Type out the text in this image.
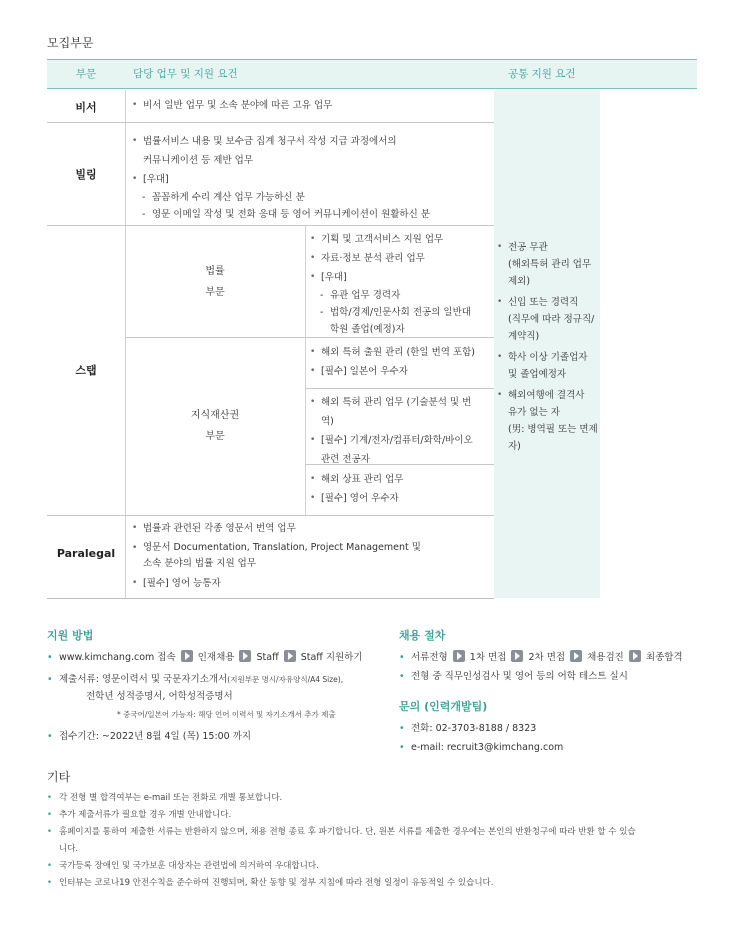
모집부문
부문	담당 업무 및 지원 요건	공통 지원 요건
비서
•	비서 일반 업무 및 소속 분야에 따른 고유 업무
빌링
• 법률서비스 내용 및 보수금 집계 청구서 작성 지급 과정에서의
커뮤니케이션 등 제반 업무
• [우대]
- 꼼꼼하게 수리 계산 업무 가능하신 분
- 영문 이메일 작성 및 전화 응대 등 영어 커뮤니케이션이 원활하신 분
스탭
법률
부문
• 기획 및 고객서비스 지원 업무
• 자료·정보 분석 관리 업무
• [우대]
- 유관 업무 경력자
- 법학/경제/인문사회 전공의 일반대
학원 졸업(예정)자
지식재산권
부문
• 해외 특허 출원 관리 (한일 번역 포함)
• [필수] 일본어 우수자
• 해외 특허 관리 업무 (기술분석 및 번
역)
• [필수] 기계/전자/컴퓨터/화학/바이오
관련 전공자
• 해외 상표 관리 업무
• [필수] 영어 우수자
Paralegal
• 법률과 관련된 각종 영문서 번역 업무
• 영문서 Documentation, Translation, Project Management 및
소속 분야의 법률 지원 업무
• [필수] 영어 능통자
• 전공 무관
(해외특허 관리 업무
제외)
• 신입 또는 경력직
(직무에 따라 정규직/
계약직)
• 학사 이상 기졸업자
및 졸업예정자
• 해외여행에 결격사
유가 없는 자
(男: 병역필 또는 면제
자)
지원 방법
• www.kimchang.com 접속 인재채용 Staff Staff 지원하기
• 제출서류: 영문이력서 및 국문자기소개서(지원부문 명시/자유양식/A4 Size),
전학년 성적증명서, 어학성적증명서
* 중국어/일본어 가능자: 해당 언어 이력서 및 자기소개서 추가 제출
• 접수기간: ~2022년 8월 4일 (목) 15:00 까지
채용 절차
• 서류전형 1차 면접 2차 면접 채용검진 최종합격
• 전형 중 직무인성검사 및 영어 등의 어학 테스트 실시
문의 (인력개발팀)
• 전화: 02-3703-8188 / 8323
• e-mail: recruit3@kimchang.com
기타
• 각 전형 별 합격여부는 e-mail 또는 전화로 개별 통보합니다.
• 추가 제출서류가 필요할 경우 개별 안내합니다.
• 홈페이지를 통하여 제출한 서류는 반환하지 않으며, 채용 전형 종료 후 파기합니다. 단, 원본 서류를 제출한 경우에는 본인의 반환청구에 따라 반환 할 수 있습
니다.
• 국가등록 장애인 및 국가보훈 대상자는 관련법에 의거하여 우대합니다.
• 인터뷰는 코로나19 안전수칙을 준수하여 진행되며, 확산 동향 및 정부 지침에 따라 전형 일정이 유동적일 수 있습니다.
